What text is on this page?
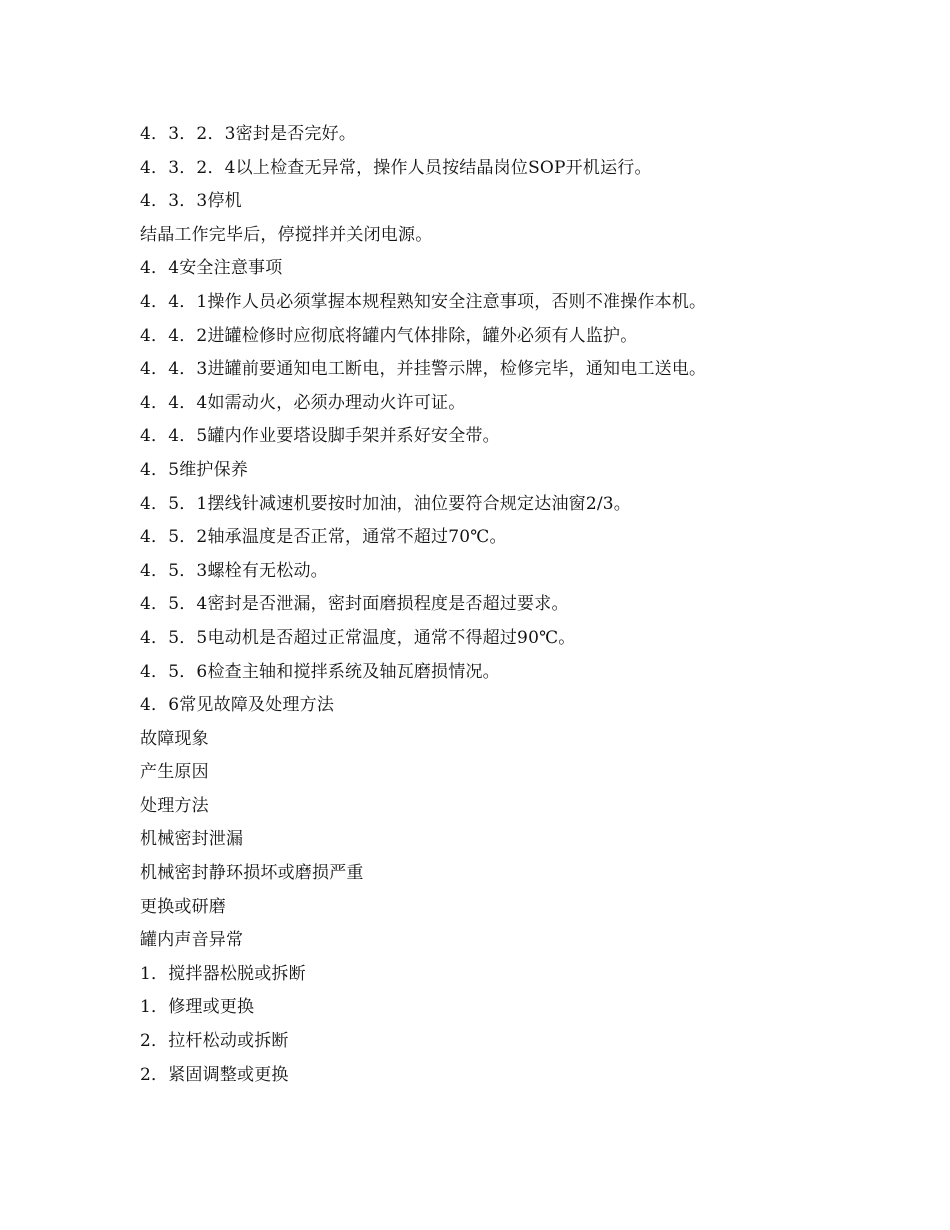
4．3．2．3密封是否完好。
4．3．2．4以上检查无异常，操作人员按结晶岗位SOP开机运行。
4．3．3停机
结晶工作完毕后，停搅拌并关闭电源。
4．4安全注意事项
4．4．1操作人员必须掌握本规程熟知安全注意事项，否则不准操作本机。
4．4．2进罐检修时应彻底将罐内气体排除，罐外必须有人监护。
4．4．3进罐前要通知电工断电，并挂警示牌，检修完毕，通知电工送电。
4．4．4如需动火，必须办理动火许可证。
4．4．5罐内作业要塔设脚手架并系好安全带。
4．5维护保养
4．5．1摆线针减速机要按时加油，油位要符合规定达油窗2/3。
4．5．2轴承温度是否正常，通常不超过70℃。
4．5．3螺栓有无松动。
4．5．4密封是否泄漏，密封面磨损程度是否超过要求。
4．5．5电动机是否超过正常温度，通常不得超过90℃。
4．5．6检查主轴和搅拌系统及轴瓦磨损情况。
4．6常见故障及处理方法
故障现象
产生原因
处理方法
机械密封泄漏
机械密封静环损坏或磨损严重
更换或研磨
罐内声音异常
1．搅拌器松脱或拆断
1．修理或更换
2．拉杆松动或拆断
2．紧固调整或更换
